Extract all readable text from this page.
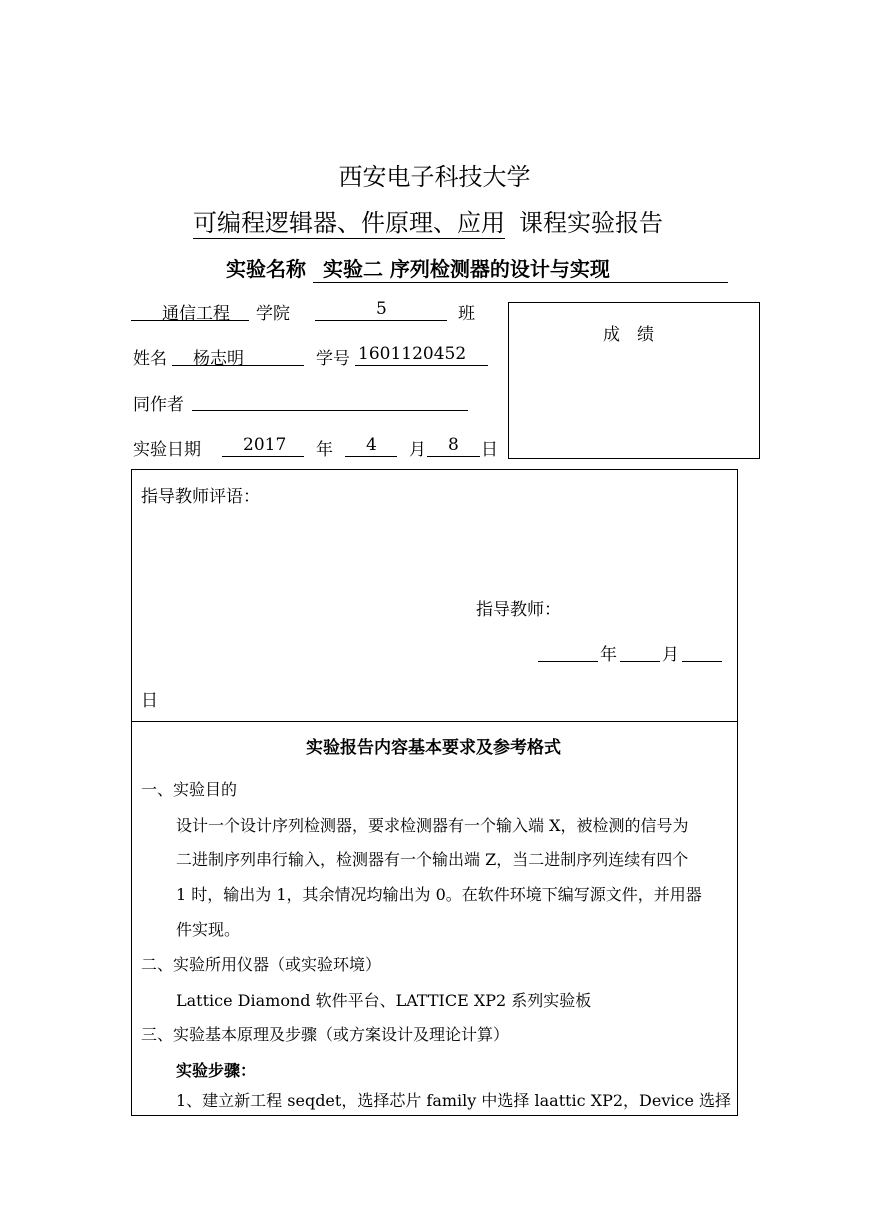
西安电子科技大学
可编程逻辑器、件原理、应用 课程实验报告
实验名称 实验二 序列检测器的设计与实现
通信工程 学院	5	班
姓名 杨志明	学号 1601120452
同作者
实验日期 2017 年 4 月 8 日
成　绩
指导教师评语：
指导教师：
年	月
日
实验报告内容基本要求及参考格式
一、实验目的
设计一个设计序列检测器，要求检测器有一个输入端 X，被检测的信号为
二进制序列串行输入，检测器有一个输出端 Z，当二进制序列连续有四个
1 时，输出为 1，其余情况均输出为 0。在软件环境下编写源文件，并用器
件实现。
二、实验所用仪器（或实验环境）
Lattice Diamond 软件平台、LATTICE XP2 系列实验板
三、实验基本原理及步骤（或方案设计及理论计算）
实验步骤：
1、建立新工程 seqdet，选择芯片 family 中选择 laattic XP2，Device 选择
